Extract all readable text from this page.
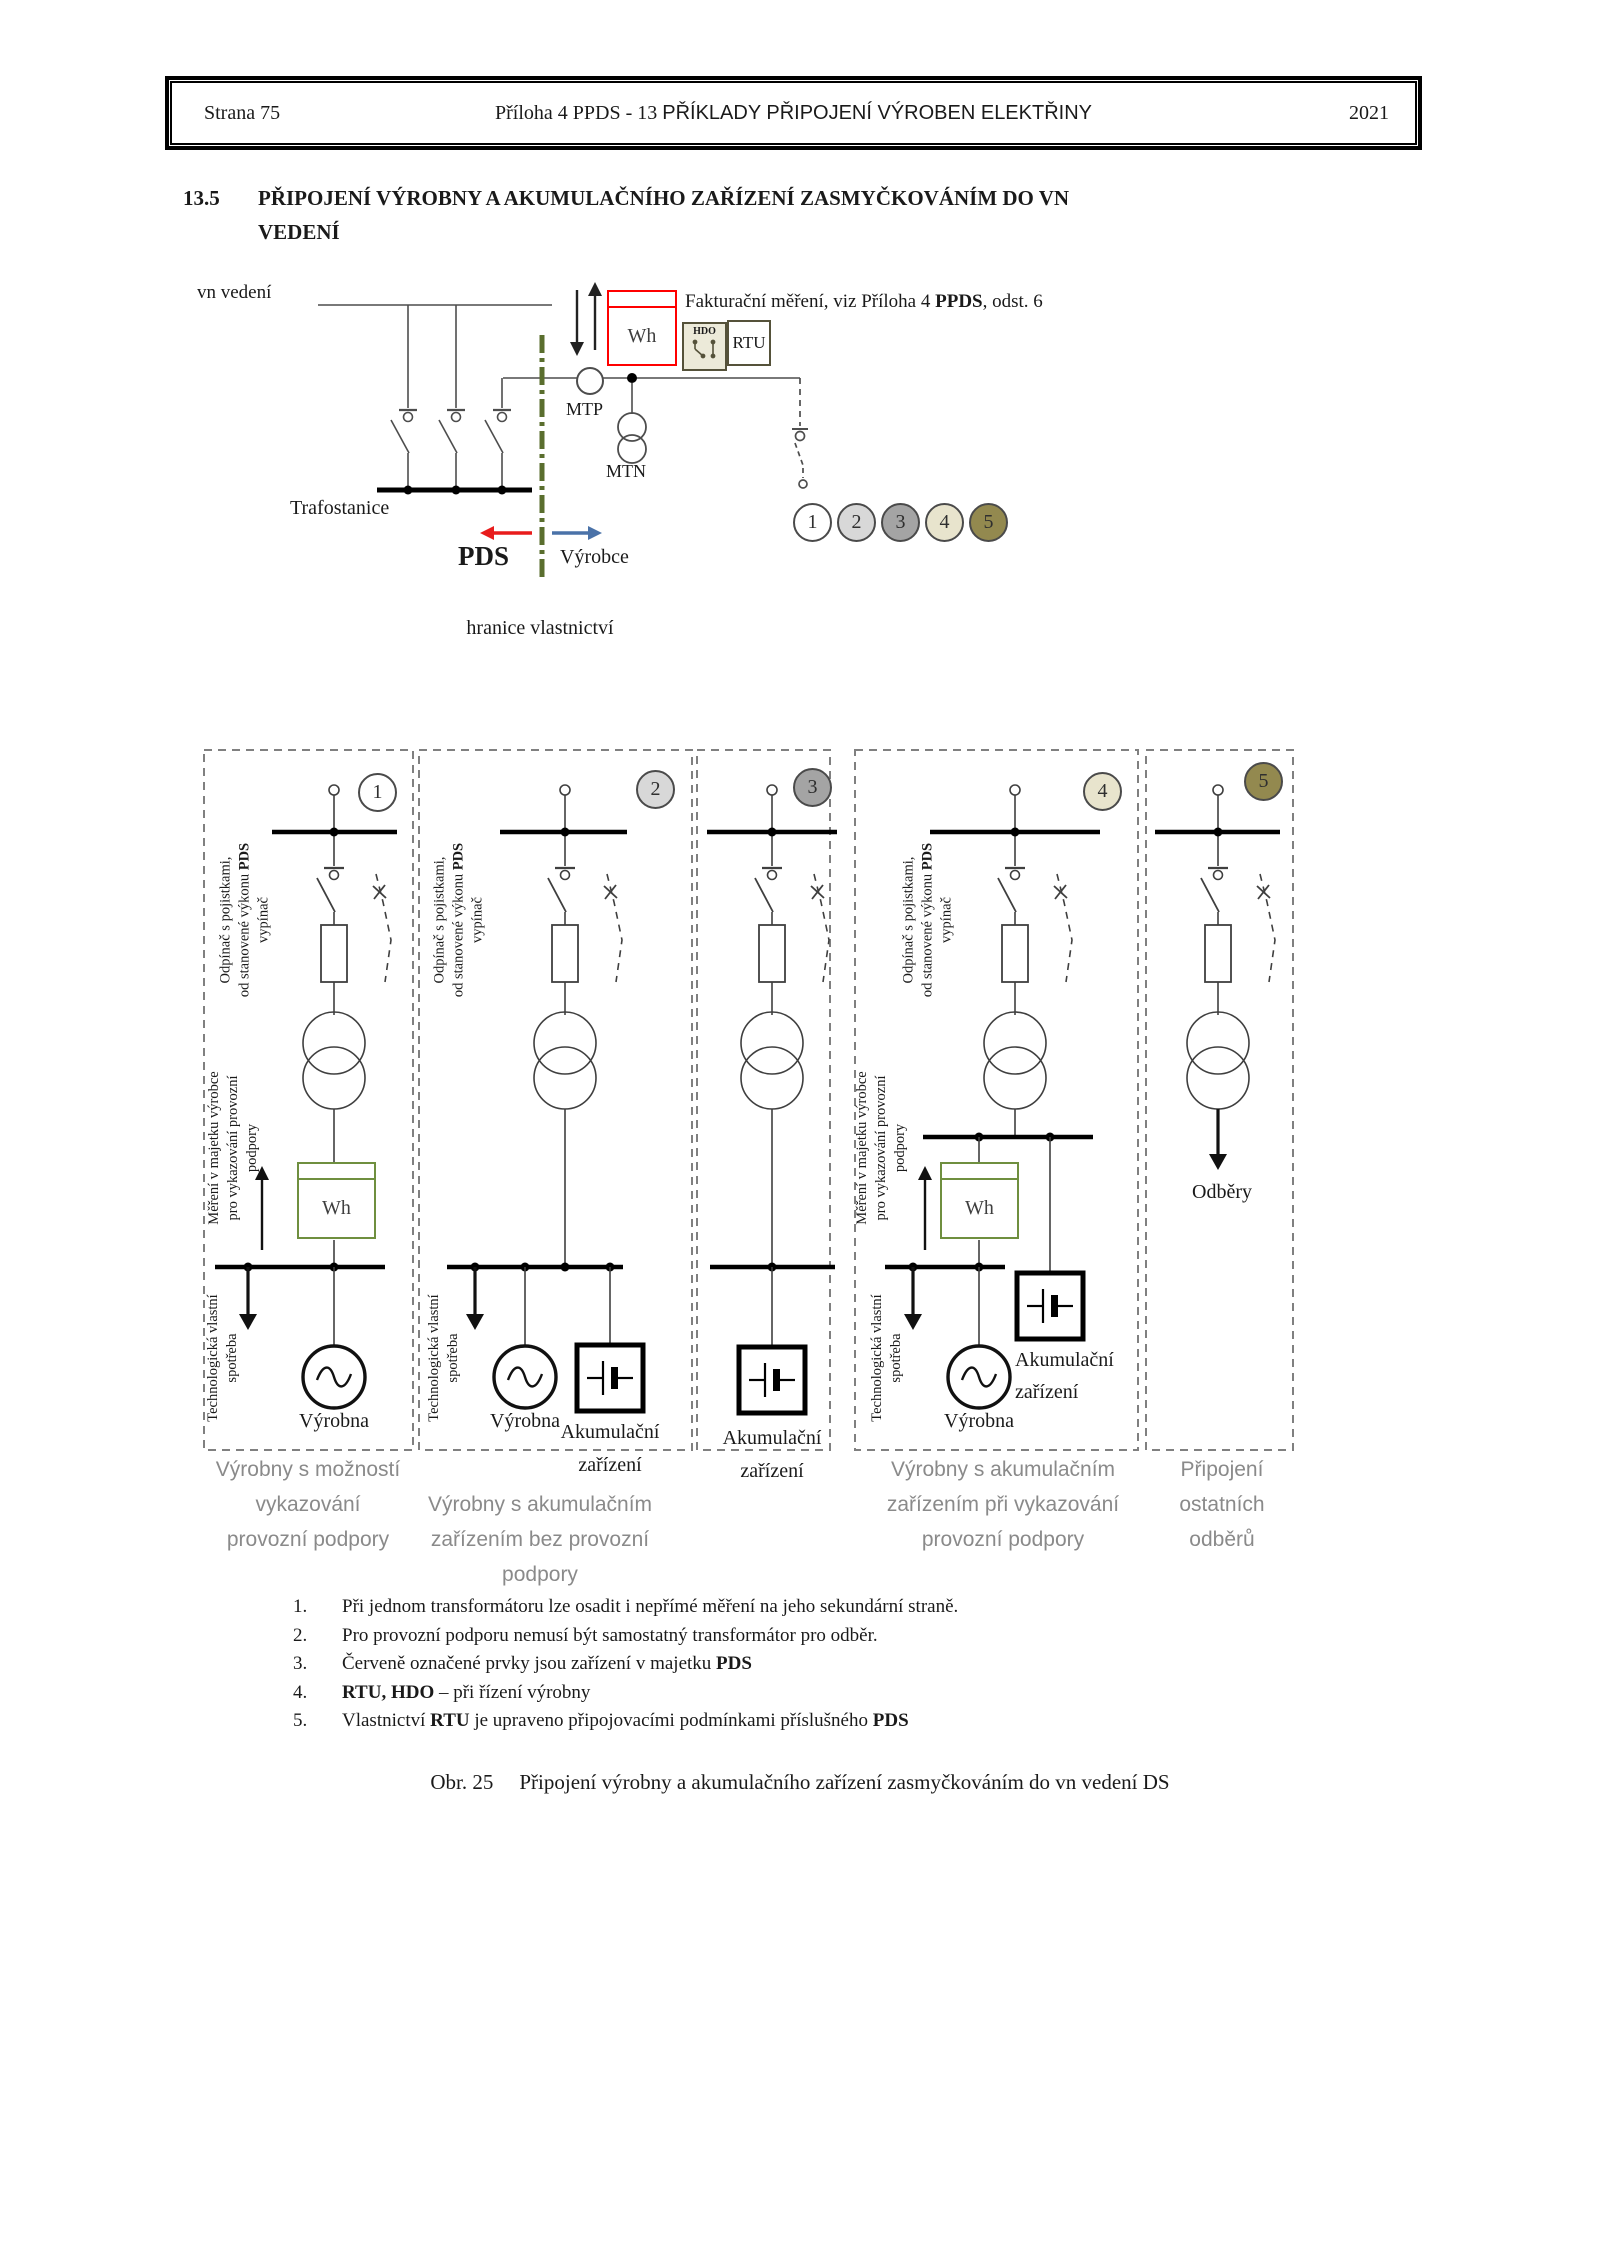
Strana 75	Příloha 4 PPDS - 13 PŘÍKLADY PŘIPOJENÍ VÝROBEN ELEKTŘINY	2021
13.5 PŘIPOJENÍ VÝROBNY A AKUMULAČNÍHO ZAŘÍZENÍ ZASMYČKOVÁNÍM DO VN
VEDENÍ
vn vedení
Trafostanice
PDS	Výrobce
hranice vlastnictví
MTP
MTN
Wh
Fakturační měření, viz Příloha 4 PPDS, odst. 6
HDO
RTU
1 2 3 4 5
1	2	3	4	5
Wh	Wh
Odpínač s pojistkami, od stanovené výkonu PDS
vypínač	Odpínač s pojistkami, od stanovené výkonu PDS
vypínač	Odpínač s pojistkami, od stanovené výkonu PDS
vypínač
Měření v majetku výrobce pro vykazování provozní podpory	Měření v majetku výrobce pro vykazování provozní podpory
Technologická vlastní spotřeba	Technologická vlastní spotřeba	Technologická vlastní spotřeba
Výrobna	Výrobna	Výrobna
Akumulační
zařízení
Akumulační
zařízení
Akumulační
zařízení
Odběry
Výrobny s možností
vykazování
provozní podpory
Výrobny s akumulačním
zařízením bez provozní
podpory
Výrobny s akumulačním
zařízením při vykazování
provozní podpory
Připojení
ostatních
odběrů
1.	Při jednom transformátoru lze osadit i nepřímé měření na jeho sekundární straně.
2.	Pro provozní podporu nemusí být samostatný transformátor pro odběr.
3.	Červeně označené prvky jsou zařízení v majetku PDS
4.	RTU, HDO – při řízení výrobny
5.	Vlastnictví RTU je upraveno připojovacími podmínkami příslušného PDS
Obr. 25 Připojení výrobny a akumulačního zařízení zasmyčkováním do vn vedení DS
